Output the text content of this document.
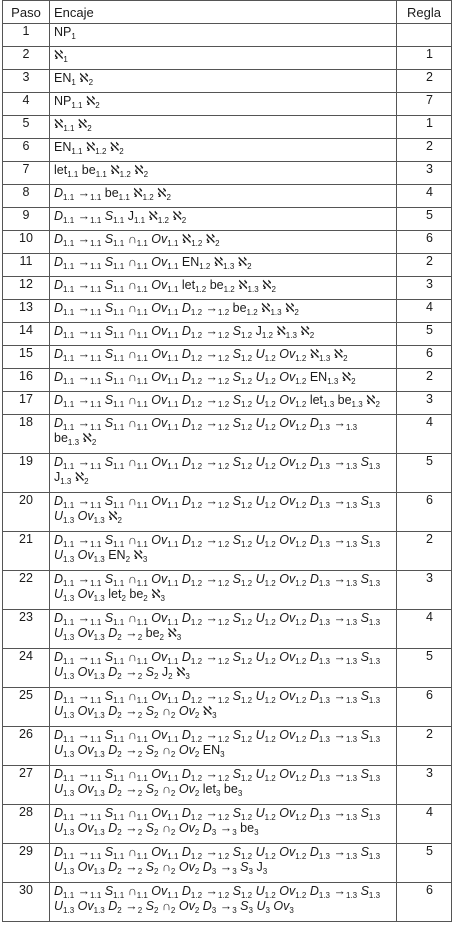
Paso	Encaje	Regla
1	$NP_1$	
2	ℵ$_1$	1
3	$EN_1$ ℵ$_2$	2
4	$NP_{1.1}$ ℵ$_2$	7
5	ℵ$_{1.1}$ ℵ$_2$	1
6	$EN_{1.1}$ ℵ$_{1.2}$ ℵ$_2$	2
7	let$_{1.1}$ $be_{1.1}$ ℵ$_{1.2}$ ℵ$_2$	3
8	$D_{1.1} \to_{1.1}$ $be_{1.1}$ ℵ$_{1.2}$ ℵ$_2$	4
9	$D_{1.1} \to_{1.1}$ $S_{1.1}$ $J_{1.1}$ ℵ$_{1.2}$ ℵ$_2$	5
10	$D_{1.1} \to_{1.1}$ $S_{1.1}$ $\cap_{1.1}$ $Ov_{1.1}$ ℵ$_{1.2}$ ℵ$_2$	6
11	$D_{1.1} \to_{1.1}$ $S_{1.1}$ $\cap_{1.1}$ $Ov_{1.1}$ $EN_{1.2}$ ℵ$_{1.3}$ ℵ$_2$	2
12	$D_{1.1} \to_{1.1}$ $S_{1.1}$ $\cap_{1.1}$ $Ov_{1.1}$ let$_{1.2}$ $be_{1.2}$ ℵ$_{1.3}$ ℵ$_2$	3
13	$D_{1.1} \to_{1.1}$ $S_{1.1}$ $\cap_{1.1}$ $Ov_{1.1}$ $D_{1.2} \to_{1.2}$ $be_{1.2}$ ℵ$_{1.3}$ ℵ$_2$	4
14	$D_{1.1} \to_{1.1}$ $S_{1.1}$ $\cap_{1.1}$ $Ov_{1.1}$ $D_{1.2} \to_{1.2}$ $S_{1.2}$ $J_{1.2}$ ℵ$_{1.3}$ ℵ$_2$	5
15	$D_{1.1} \to_{1.1}$ $S_{1.1}$ $\cap_{1.1}$ $Ov_{1.1}$ $D_{1.2} \to_{1.2}$ $S_{1.2}$ $U_{1.2}$ $Ov_{1.2}$ ℵ$_{1.3}$ ℵ$_2$	6
16	$D_{1.1} \to_{1.1}$ $S_{1.1}$ $\cap_{1.1}$ $Ov_{1.1}$ $D_{1.2} \to_{1.2}$ $S_{1.2}$ $U_{1.2}$ $Ov_{1.2}$ $EN_{1.3}$ ℵ$_2$	2
17	$D_{1.1} \to_{1.1}$ $S_{1.1}$ $\cap_{1.1}$ $Ov_{1.1}$ $D_{1.2} \to_{1.2}$ $S_{1.2}$ $U_{1.2}$ $Ov_{1.2}$ let$_{1.3}$ $be_{1.3}$ ℵ$_2$	3
18	$D_{1.1} \to_{1.1}$ $S_{1.1}$ $\cap_{1.1}$ $Ov_{1.1}$ $D_{1.2} \to_{1.2}$ $S_{1.2}$ $U_{1.2}$ $Ov_{1.2}$ $D_{1.3} \to_{1.3}$
$be_{1.3}$ ℵ$_2$	4
19	$D_{1.1} \to_{1.1}$ $S_{1.1}$ $\cap_{1.1}$ $Ov_{1.1}$ $D_{1.2} \to_{1.2}$ $S_{1.2}$ $U_{1.2}$ $Ov_{1.2}$ $D_{1.3} \to_{1.3}$ $S_{1.3}$
$J_{1.3}$ ℵ$_2$	5
20	$D_{1.1} \to_{1.1}$ $S_{1.1}$ $\cap_{1.1}$ $Ov_{1.1}$ $D_{1.2} \to_{1.2}$ $S_{1.2}$ $U_{1.2}$ $Ov_{1.2}$ $D_{1.3} \to_{1.3}$ $S_{1.3}$
$U_{1.3}$ $Ov_{1.3}$ ℵ$_2$	6
21	$D_{1.1} \to_{1.1}$ $S_{1.1}$ $\cap_{1.1}$ $Ov_{1.1}$ $D_{1.2} \to_{1.2}$ $S_{1.2}$ $U_{1.2}$ $Ov_{1.2}$ $D_{1.3} \to_{1.3}$ $S_{1.3}$
$U_{1.3}$ $Ov_{1.3}$ $EN_2$ ℵ$_3$	2
22	$D_{1.1} \to_{1.1}$ $S_{1.1}$ $\cap_{1.1}$ $Ov_{1.1}$ $D_{1.2} \to_{1.2}$ $S_{1.2}$ $U_{1.2}$ $Ov_{1.2}$ $D_{1.3} \to_{1.3}$ $S_{1.3}$
$U_{1.3}$ $Ov_{1.3}$ let$_2$ $be_2$ ℵ$_3$	3
23	$D_{1.1} \to_{1.1}$ $S_{1.1}$ $\cap_{1.1}$ $Ov_{1.1}$ $D_{1.2} \to_{1.2}$ $S_{1.2}$ $U_{1.2}$ $Ov_{1.2}$ $D_{1.3} \to_{1.3}$ $S_{1.3}$
$U_{1.3}$ $Ov_{1.3}$ $D_2 \to_2$ $be_2$ ℵ$_3$	4
24	$D_{1.1} \to_{1.1}$ $S_{1.1}$ $\cap_{1.1}$ $Ov_{1.1}$ $D_{1.2} \to_{1.2}$ $S_{1.2}$ $U_{1.2}$ $Ov_{1.2}$ $D_{1.3} \to_{1.3}$ $S_{1.3}$
$U_{1.3}$ $Ov_{1.3}$ $D_2 \to_2$ $S_2$ $J_2$ ℵ$_3$	5
25	$D_{1.1} \to_{1.1}$ $S_{1.1}$ $\cap_{1.1}$ $Ov_{1.1}$ $D_{1.2} \to_{1.2}$ $S_{1.2}$ $U_{1.2}$ $Ov_{1.2}$ $D_{1.3} \to_{1.3}$ $S_{1.3}$
$U_{1.3}$ $Ov_{1.3}$ $D_2 \to_2$ $S_2$ $\cap_2$ $Ov_2$ ℵ$_3$	6
26	$D_{1.1} \to_{1.1}$ $S_{1.1}$ $\cap_{1.1}$ $Ov_{1.1}$ $D_{1.2} \to_{1.2}$ $S_{1.2}$ $U_{1.2}$ $Ov_{1.2}$ $D_{1.3} \to_{1.3}$ $S_{1.3}$
$U_{1.3}$ $Ov_{1.3}$ $D_2 \to_2$ $S_2$ $\cap_2$ $Ov_2$ $EN_3$	2
27	$D_{1.1} \to_{1.1}$ $S_{1.1}$ $\cap_{1.1}$ $Ov_{1.1}$ $D_{1.2} \to_{1.2}$ $S_{1.2}$ $U_{1.2}$ $Ov_{1.2}$ $D_{1.3} \to_{1.3}$ $S_{1.3}$
$U_{1.3}$ $Ov_{1.3}$ $D_2 \to_2$ $S_2$ $\cap_2$ $Ov_2$ let$_3$ $be_3$	3
28	$D_{1.1} \to_{1.1}$ $S_{1.1}$ $\cap_{1.1}$ $Ov_{1.1}$ $D_{1.2} \to_{1.2}$ $S_{1.2}$ $U_{1.2}$ $Ov_{1.2}$ $D_{1.3} \to_{1.3}$ $S_{1.3}$
$U_{1.3}$ $Ov_{1.3}$ $D_2 \to_2$ $S_2$ $\cap_2$ $Ov_2$ $D_3 \to_3$ $be_3$	4
29	$D_{1.1} \to_{1.1}$ $S_{1.1}$ $\cap_{1.1}$ $Ov_{1.1}$ $D_{1.2} \to_{1.2}$ $S_{1.2}$ $U_{1.2}$ $Ov_{1.2}$ $D_{1.3} \to_{1.3}$ $S_{1.3}$
$U_{1.3}$ $Ov_{1.3}$ $D_2 \to_2$ $S_2$ $\cap_2$ $Ov_2$ $D_3 \to_3$ $S_3$ $J_3$	5
30	$D_{1.1} \to_{1.1}$ $S_{1.1}$ $\cap_{1.1}$ $Ov_{1.1}$ $D_{1.2} \to_{1.2}$ $S_{1.2}$ $U_{1.2}$ $Ov_{1.2}$ $D_{1.3} \to_{1.3}$ $S_{1.3}$
$U_{1.3}$ $Ov_{1.3}$ $D_2 \to_2$ $S_2$ $\cap_2$ $Ov_2$ $D_3 \to_3$ $S_3$ $U_3$ $Ov_3$	6
